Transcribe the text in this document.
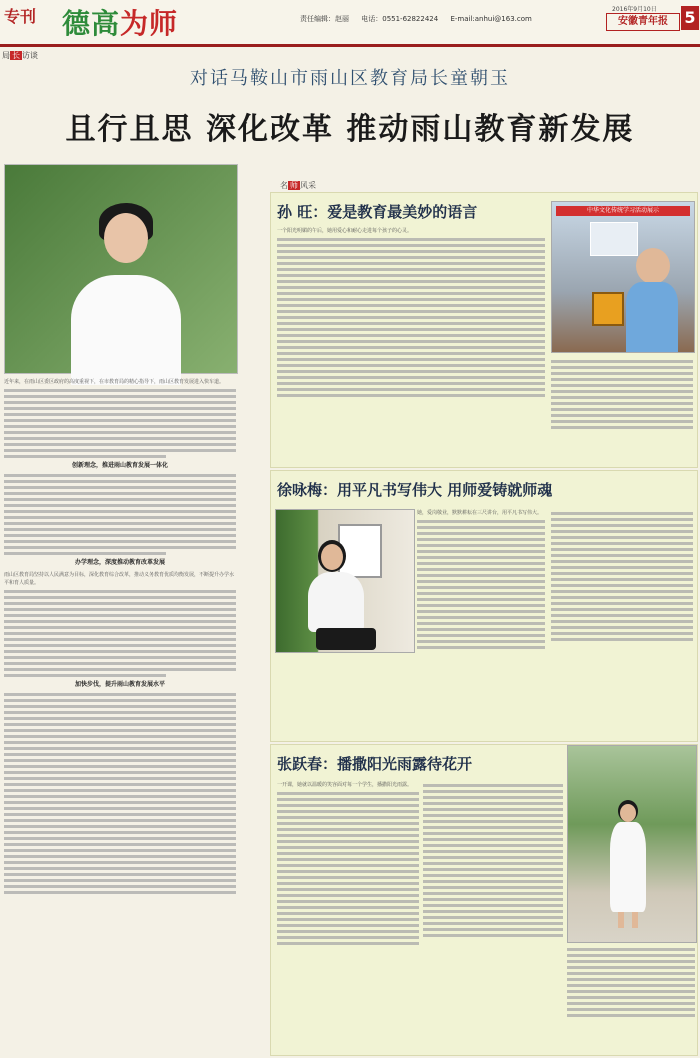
专刊 德高为师	责任编辑：赵丽 电话：0551-62822424 E-mail:anhui@163.com
2016年9月10日
安徽青年报	5
局 长 访谈
对话马鞍山市雨山区教育局长童朝玉
且行且思 深化改革 推动雨山教育新发展
近年来，在雨山区委区政府的高度重视下，在市教育局的精心指导下，雨山区教育发展进入快车道。
创新理念，推进雨山教育发展一体化
办学理念，深度推动教育改革发展
雨山区教育局坚持以人民满意为目标，深化教育综合改革，推动义务教育优质均衡发展，不断提升办学水平和育人质量。
加快步伐，提升雨山教育发展水平
名 师 风采
孙 旺：爱是教育最美妙的语言	中华文化传统学习活动展示
一个阳光明媚的午后，她用爱心和耐心走进每个孩子的心灵。
徐咏梅：用平凡书写伟大 用师爱铸就师魂
她，爱岗敬业，默默耕耘在三尺讲台，用平凡书写伟大。
张跃春：播撒阳光雨露待花开
一开课，她就以温暖的笑容面对每一个学生，播撒阳光雨露。
